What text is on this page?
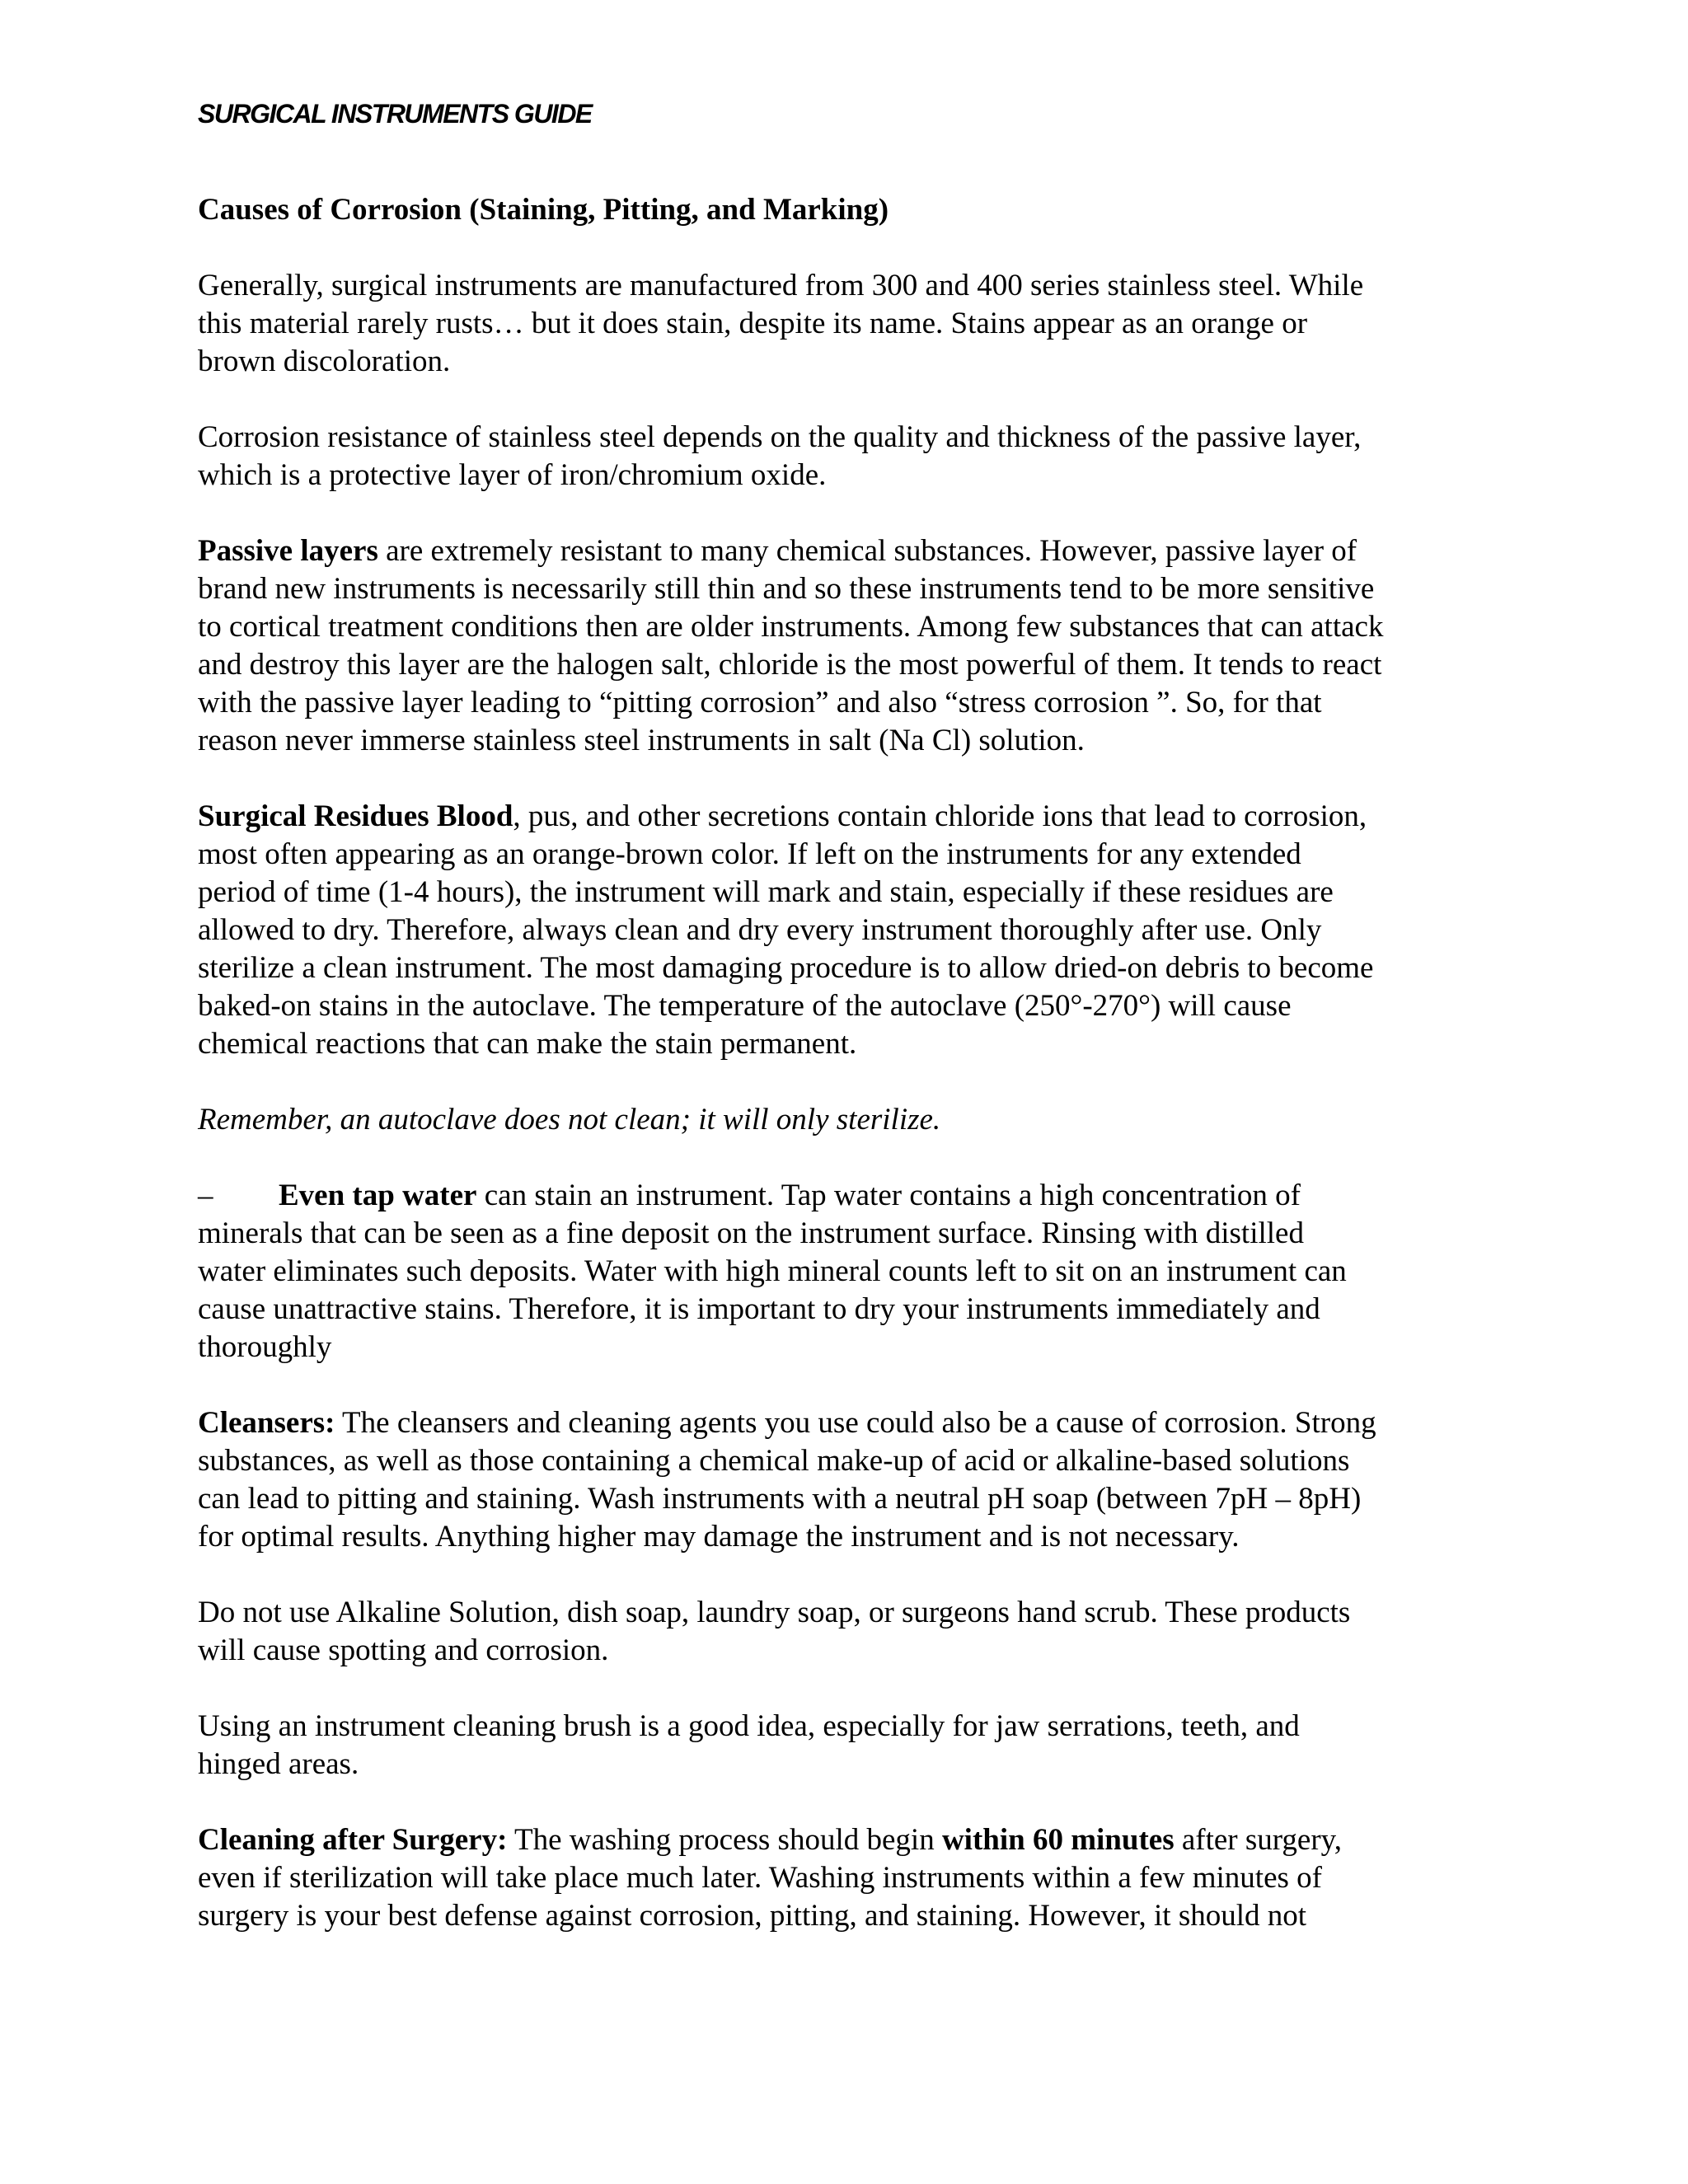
SURGICAL INSTRUMENTS GUIDE

Causes of Corrosion (Staining, Pitting, and Marking)

Generally, surgical instruments are manufactured from 300 and 400 series stainless steel. While
this material rarely rusts… but it does stain, despite its name. Stains appear as an orange or
brown discoloration.

Corrosion resistance of stainless steel depends on the quality and thickness of the passive layer,
which is a protective layer of iron/chromium oxide.

Passive layers are extremely resistant to many chemical substances. However, passive layer of
brand new instruments is necessarily still thin and so these instruments tend to be more sensitive
to cortical treatment conditions then are older instruments. Among few substances that can attack
and destroy this layer are the halogen salt, chloride is the most powerful of them. It tends to react
with the passive layer leading to “pitting corrosion” and also “stress corrosion ”. So, for that
reason never immerse stainless steel instruments in salt (Na Cl) solution.

Surgical Residues Blood, pus, and other secretions contain chloride ions that lead to corrosion,
most often appearing as an orange-brown color. If left on the instruments for any extended
period of time (1-4 hours), the instrument will mark and stain, especially if these residues are
allowed to dry. Therefore, always clean and dry every instrument thoroughly after use. Only
sterilize a clean instrument. The most damaging procedure is to allow dried-on debris to become
baked-on stains in the autoclave. The temperature of the autoclave (250°-270°) will cause
chemical reactions that can make the stain permanent.

Remember, an autoclave does not clean; it will only sterilize.

– Even tap water can stain an instrument. Tap water contains a high concentration of
minerals that can be seen as a fine deposit on the instrument surface. Rinsing with distilled
water eliminates such deposits. Water with high mineral counts left to sit on an instrument can
cause unattractive stains. Therefore, it is important to dry your instruments immediately and
thoroughly

Cleansers: The cleansers and cleaning agents you use could also be a cause of corrosion. Strong
substances, as well as those containing a chemical make-up of acid or alkaline-based solutions
can lead to pitting and staining. Wash instruments with a neutral pH soap (between 7pH – 8pH)
for optimal results. Anything higher may damage the instrument and is not necessary.

Do not use Alkaline Solution, dish soap, laundry soap, or surgeons hand scrub. These products
will cause spotting and corrosion.

Using an instrument cleaning brush is a good idea, especially for jaw serrations, teeth, and
hinged areas.

Cleaning after Surgery: The washing process should begin within 60 minutes after surgery,
even if sterilization will take place much later. Washing instruments within a few minutes of
surgery is your best defense against corrosion, pitting, and staining. However, it should not
